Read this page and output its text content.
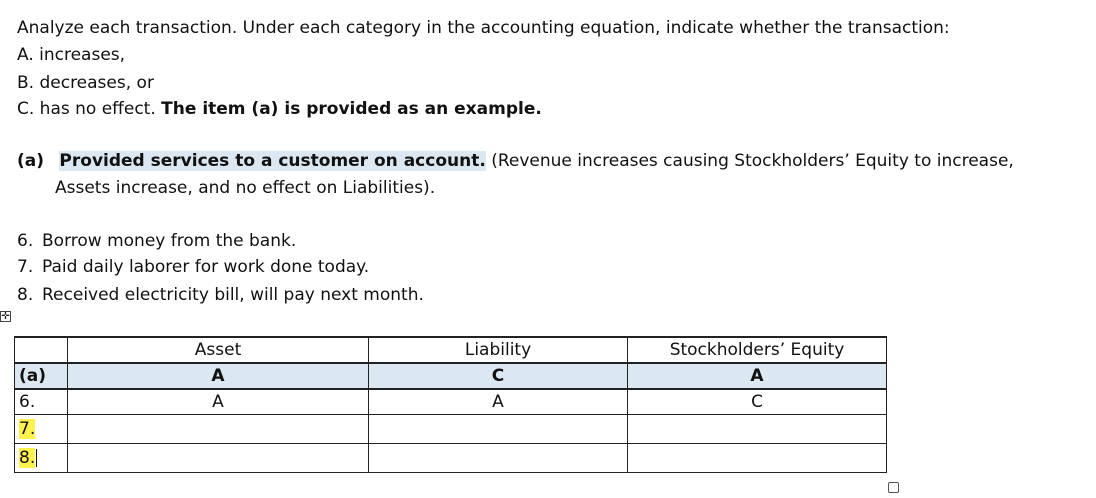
Analyze each transaction. Under each category in the accounting equation, indicate whether the transaction:
A. increases,
B. decreases, or
C. has no effect. The item (a) is provided as an example.
(a) Provided services to a customer on account. (Revenue increases causing Stockholders’ Equity to increase,
Assets increase, and no effect on Liabilities).
6. Borrow money from the bank.
7. Paid daily laborer for work done today.
8. Received electricity bill, will pay next month.
✛
	Asset	Liability	Stockholders’ Equity
(a)	A	C	A
6.	A	A	C
7.			
8.			
